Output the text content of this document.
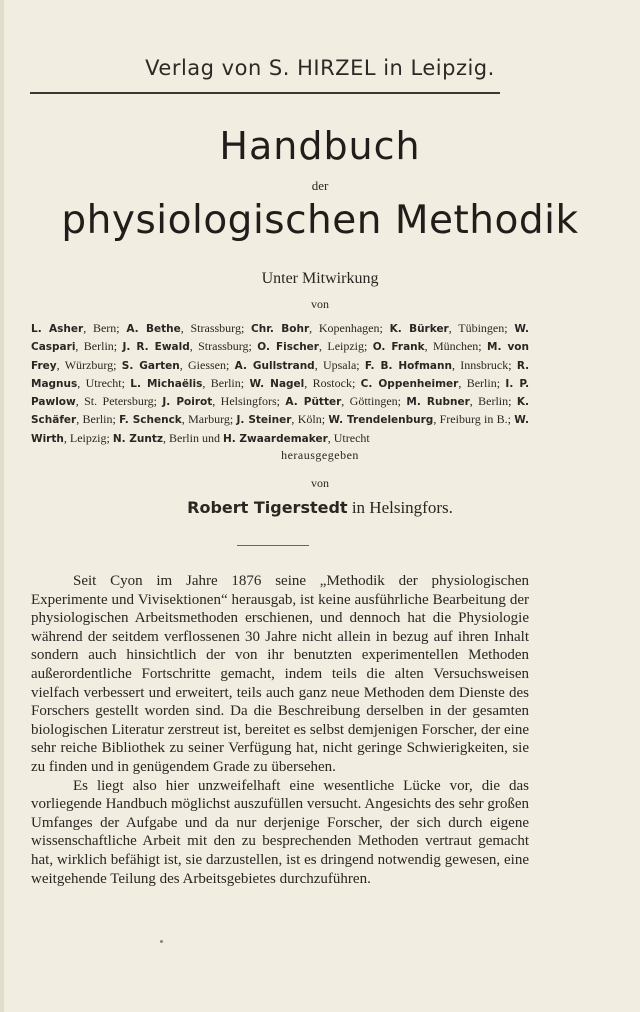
Verlag von S. HIRZEL in Leipzig.
Handbuch
der
physiologischen Methodik
Unter Mitwirkung
von
L. Asher, Bern; A. Bethe, Strassburg; Chr. Bohr, Kopenhagen; K. Bürker, Tübingen; W. Caspari, Berlin; J. R. Ewald, Strassburg; O. Fischer, Leipzig; O. Frank, München; M. von Frey, Würzburg; S. Garten, Giessen; A. Gullstrand, Upsala; F. B. Hofmann, Innsbruck; R. Magnus, Utrecht; L. Michaëlis, Berlin; W. Nagel, Rostock; C. Oppenheimer, Berlin; I. P. Pawlow, St. Petersburg; J. Poirot, Helsingfors; A. Pütter, Göttingen; M. Rubner, Berlin; K. Schäfer, Berlin; F. Schenck, Marburg; J. Steiner, Köln; W. Trendelenburg, Freiburg in B.; W. Wirth, Leipzig; N. Zuntz, Berlin und H. Zwaardemaker, Utrecht
herausgegeben
von
Robert Tigerstedt in Helsingfors.

Seit Cyon im Jahre 1876 seine „Methodik der physiologischen Experimente und Vivisektionen“ herausgab, ist keine ausführliche Bearbeitung der physiologischen Arbeitsmethoden erschienen, und dennoch hat die Physiologie während der seitdem verflossenen 30 Jahre nicht allein in bezug auf ihren Inhalt sondern auch hinsichtlich der von ihr benutzten experimentellen Methoden außerordentliche Fortschritte gemacht, indem teils die alten Versuchsweisen vielfach verbessert und erweitert, teils auch ganz neue Methoden dem Dienste des Forschers gestellt worden sind. Da die Beschreibung derselben in der gesamten biologischen Literatur zerstreut ist, bereitet es selbst demjenigen Forscher, der eine sehr reiche Bibliothek zu seiner Verfügung hat, nicht geringe Schwierigkeiten, sie zu finden und in genügendem Grade zu übersehen.

Es liegt also hier unzweifelhaft eine wesentliche Lücke vor, die das vorliegende Handbuch möglichst auszufüllen versucht. Angesichts des sehr großen Umfanges der Aufgabe und da nur derjenige Forscher, der sich durch eigene wissenschaftliche Arbeit mit den zu besprechenden Methoden vertraut gemacht hat, wirklich befähigt ist, sie darzustellen, ist es dringend notwendig gewesen, eine weitgehende Teilung des Arbeitsgebietes durchzuführen.
